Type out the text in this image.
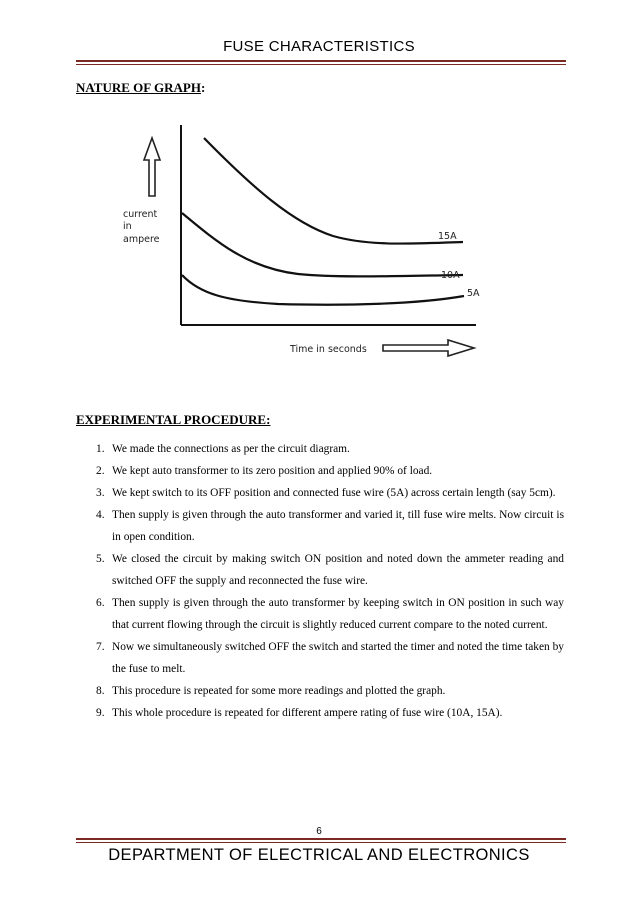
FUSE CHARACTERISTICS
NATURE OF GRAPH:
current
in
ampere	15A
10A
5A
Time in seconds
EXPERIMENTAL PROCEDURE:
1. We made the connections as per the circuit diagram.
2. We kept auto transformer to its zero position and applied 90% of load.
3. We kept switch to its OFF position and connected fuse wire (5A) across certain length (say 5cm).
4. Then supply is given through the auto transformer and varied it, till fuse wire melts. Now circuit is in open condition.
5. We closed the circuit by making switch ON position and noted down the ammeter reading and switched OFF the supply and reconnected the fuse wire.
6. Then supply is given through the auto transformer by keeping switch in ON position in such way that current flowing through the circuit is slightly reduced current compare to the noted current.
7. Now we simultaneously switched OFF the switch and started the timer and noted the time taken by the fuse to melt.
8. This procedure is repeated for some more readings and plotted the graph.
9. This whole procedure is repeated for different ampere rating of fuse wire (10A, 15A).
6
DEPARTMENT OF ELECTRICAL AND ELECTRONICS
